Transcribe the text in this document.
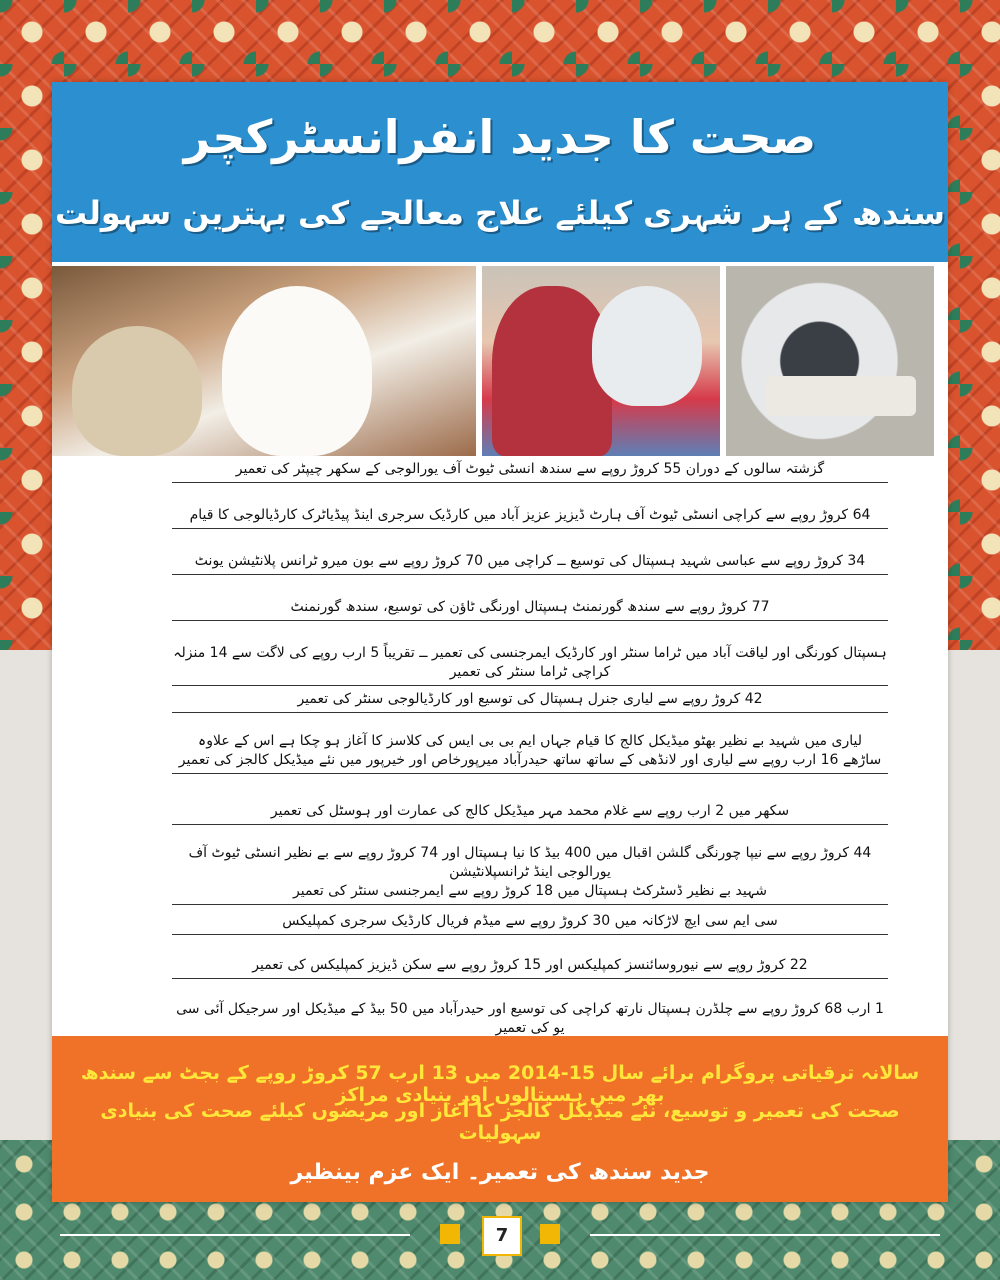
صحت کا جدید انفرانسٹرکچر
سندھ کے ہر شہری کیلئے علاج معالجے کی بہترین سہولت
گزشتہ سالوں کے دوران 55 کروڑ روپے سے سندھ انسٹی ٹیوٹ آف یورالوجی کے سکھر چیپٹر کی تعمیر
64 کروڑ روپے سے کراچی انسٹی ٹیوٹ آف ہارٹ ڈیزیز عزیز آباد میں کارڈیک سرجری اینڈ پیڈیاٹرک کارڈیالوجی کا قیام
34 کروڑ روپے سے عباسی شہید ہسپتال کی توسیع ــ کراچی میں 70 کروڑ روپے سے بون میرو ٹرانس پلانٹیشن یونٹ
77 کروڑ روپے سے سندھ گورنمنٹ ہسپتال اورنگی ٹاؤن کی توسیع، سندھ گورنمنٹ
ہسپتال کورنگی اور لیاقت آباد میں ٹراما سنٹر اور کارڈیک ایمرجنسی کی تعمیر ــ تقریباً 5 ارب روپے کی لاگت سے 14 منزلہ کراچی ٹراما سنٹر کی تعمیر
42 کروڑ روپے سے لیاری جنرل ہسپتال کی توسیع اور کارڈیالوجی سنٹر کی تعمیر
لیاری میں شہید بے نظیر بھٹو میڈیکل کالج کا قیام جہاں ایم بی بی ایس کی کلاسز کا آغاز ہو چکا ہے اس کے علاوہ
ساڑھے 16 ارب روپے سے لیاری اور لانڈھی کے ساتھ ساتھ حیدرآباد میرپورخاص اور خیرپور میں نئے میڈیکل کالجز کی تعمیر
سکھر میں 2 ارب روپے سے غلام محمد مہر میڈیکل کالج کی عمارت اور ہوسٹل کی تعمیر
44 کروڑ روپے سے نیپا چورنگی گلشن اقبال میں 400 بیڈ کا نیا ہسپتال اور 74 کروڑ روپے سے بے نظیر انسٹی ٹیوٹ آف یورالوجی اینڈ ٹرانسپلانٹیشن
شہید بے نظیر ڈسٹرکٹ ہسپتال میں 18 کروڑ روپے سے ایمرجنسی سنٹر کی تعمیر
سی ایم سی ایچ لاڑکانہ میں 30 کروڑ روپے سے میڈم فریال کارڈیک سرجری کمپلیکس
22 کروڑ روپے سے نیوروسائنسز کمپلیکس اور 15 کروڑ روپے سے سکن ڈیزیز کمپلیکس کی تعمیر
1 ارب 68 کروڑ روپے سے چلڈرن ہسپتال نارتھ کراچی کی توسیع اور حیدرآباد میں 50 بیڈ کے میڈیکل اور سرجیکل آئی سی یو کی تعمیر
سالانہ ترقیاتی پروگرام برائے سال 15-2014 میں 13 ارب 57 کروڑ روپے کے بجٹ سے سندھ بھر میں ہسپتالوں اور بنیادی مراکز
صحت کی تعمیر و توسیع، نئے میڈیکل کالجز کا آغاز اور مریضوں کیلئے صحت کی بنیادی سہولیات
جدید سندھ کی تعمیر۔ ایک عزم بینظیر
7
